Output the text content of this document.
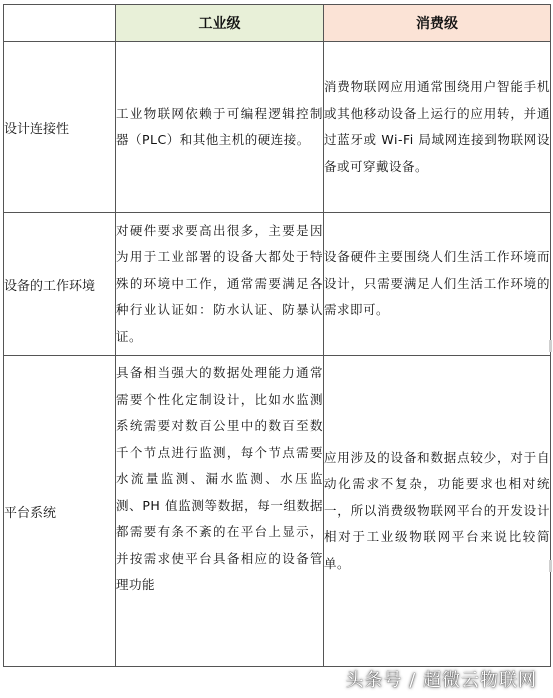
	工业级	消费级
设计连接性	工业物联网依赖于可编程逻辑控制器（PLC）和其他主机的硬连接。	消费物联网应用通常围绕用户智能手机或其他移动设备上运行的应用转，并通过蓝牙或 Wi-Fi 局域网连接到物联网设备或可穿戴设备。
设备的工作环境	对硬件要求要高出很多，主要是因为用于工业部署的设备大都处于特殊的环境中工作，通常需要满足各种行业认证如：防水认证、防暴认证。	设备硬件主要围绕人们生活工作环境而设计，只需要满足人们生活工作环境的需求即可。
平台系统	具备相当强大的数据处理能力通常需要个性化定制设计，比如水监测系统需要对数百公里中的数百至数千个节点进行监测，每个节点需要水流量监测、漏水监测、水压监测、PH 值监测等数据，每一组数据都需要有条不紊的在平台上显示，并按需求使平台具备相应的设备管理功能	应用涉及的设备和数据点较少，对于自动化需求不复杂，功能要求也相对统一，所以消费级物联网平台的开发设计相对于工业级物联网平台来说比较简单。
头条号 / 超微云物联网
